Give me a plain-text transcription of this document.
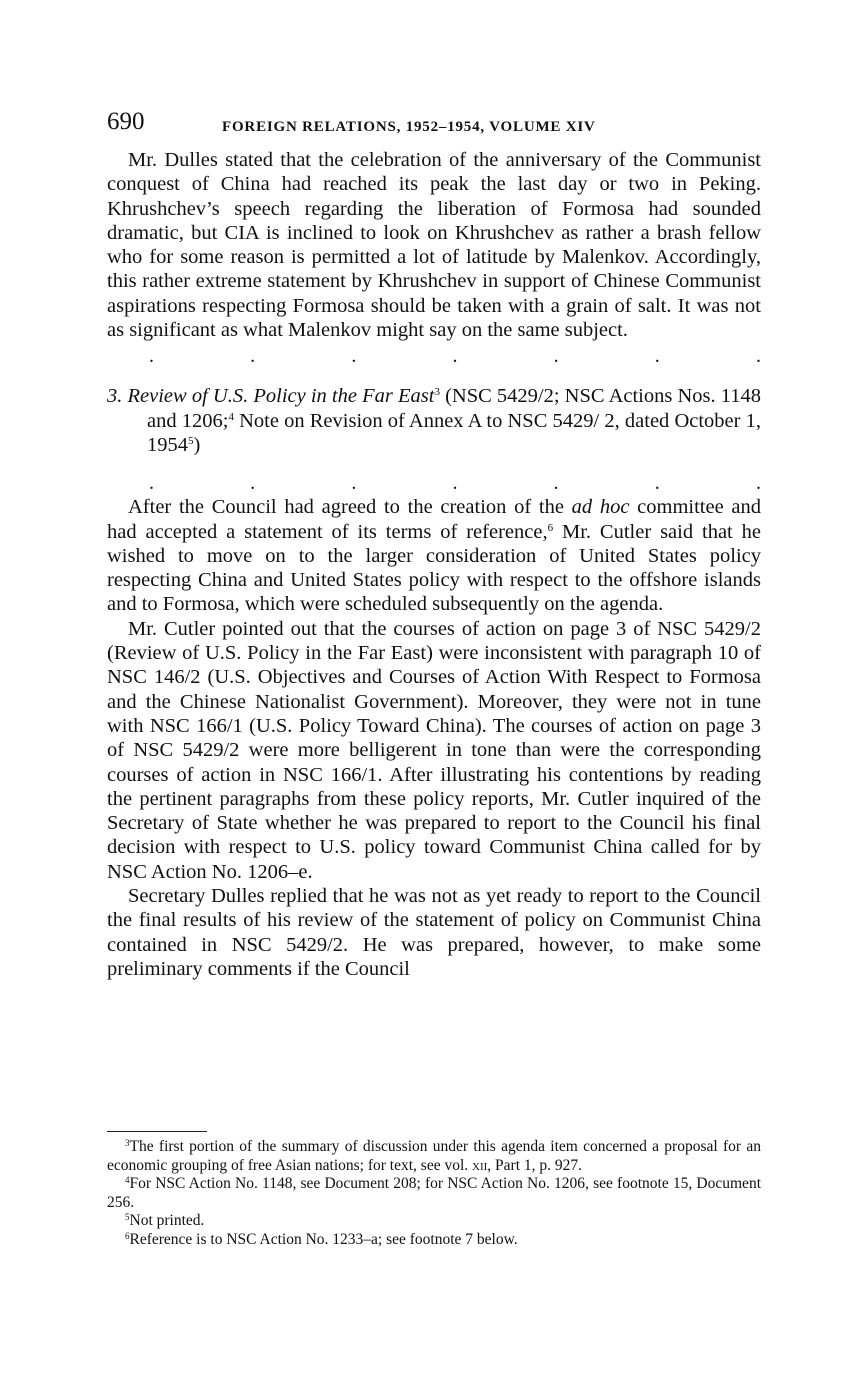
690	FOREIGN RELATIONS, 1952–1954, VOLUME XIV

Mr. Dulles stated that the celebration of the anniversary of the Communist conquest of China had reached its peak the last day or two in Peking. Khrushchev’s speech regarding the liberation of Formosa had sounded dramatic, but CIA is inclined to look on Khrushchev as rather a brash fellow who for some reason is permitted a lot of latitude by Malenkov. Accordingly, this rather extreme statement by Khrushchev in support of Chinese Communist aspirations respecting Formosa should be taken with a grain of salt. It was not as significant as what Malenkov might say on the same subject.

.	.	.	.	.	.	.

3. Review of U.S. Policy in the Far East$^3$ (NSC 5429/2; NSC Actions Nos. 1148 and 1206;$^4$ Note on Revision of Annex A to NSC 5429/ 2, dated October 1, 1954$^5$)

.	.	.	.	.	.	.

After the Council had agreed to the creation of the ad hoc committee and had accepted a statement of its terms of reference,$^6$ Mr. Cutler said that he wished to move on to the larger consideration of United States policy respecting China and United States policy with respect to the offshore islands and to Formosa, which were scheduled subsequently on the agenda.

Mr. Cutler pointed out that the courses of action on page 3 of NSC 5429/2 (Review of U.S. Policy in the Far East) were inconsistent with paragraph 10 of NSC 146/2 (U.S. Objectives and Courses of Action With Respect to Formosa and the Chinese Nationalist Government). Moreover, they were not in tune with NSC 166/1 (U.S. Policy Toward China). The courses of action on page 3 of NSC 5429/2 were more belligerent in tone than were the corresponding courses of action in NSC 166/1. After illustrating his contentions by reading the pertinent paragraphs from these policy reports, Mr. Cutler inquired of the Secretary of State whether he was prepared to report to the Council his final decision with respect to U.S. policy toward Communist China called for by NSC Action No. 1206–e.

Secretary Dulles replied that he was not as yet ready to report to the Council the final results of his review of the statement of policy on Communist China contained in NSC 5429/2. He was prepared, however, to make some preliminary comments if the Council

$^3$The first portion of the summary of discussion under this agenda item concerned a proposal for an economic grouping of free Asian nations; for text, see vol. xii, Part 1, p. 927.

$^4$For NSC Action No. 1148, see Document 208; for NSC Action No. 1206, see footnote 15, Document 256.

$^5$Not printed.

$^6$Reference is to NSC Action No. 1233–a; see footnote 7 below.
